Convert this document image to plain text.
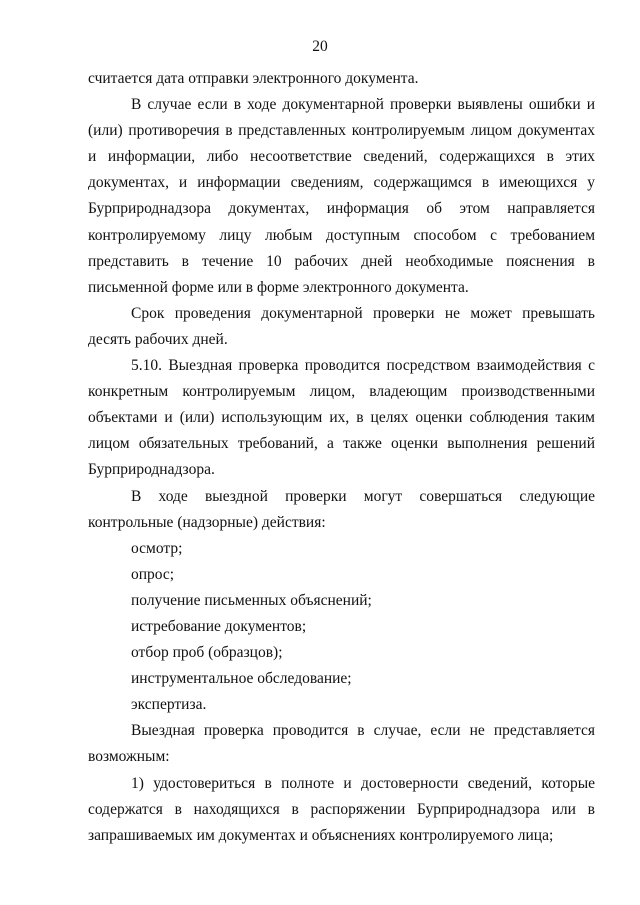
20

считается дата отправки электронного документа.

В случае если в ходе документарной проверки выявлены ошибки и (или) противоречия в представленных контролируемым лицом документах и информации, либо несоответствие сведений, содержащихся в этих документах, и информации сведениям, содержащимся в имеющихся у Бурприроднадзора документах, информация об этом направляется контролируемому лицу любым доступным способом с требованием представить в течение 10 рабочих дней необходимые пояснения в письменной форме или в форме электронного документа.

Срок проведения документарной проверки не может превышать десять рабочих дней.

5.10. Выездная проверка проводится посредством взаимодействия с конкретным контролируемым лицом, владеющим производственными объектами и (или) использующим их, в целях оценки соблюдения таким лицом обязательных требований, а также оценки выполнения решений Бурприроднадзора.

В ходе выездной проверки могут совершаться следующие контрольные (надзорные) действия:

осмотр;

опрос;

получение письменных объяснений;

истребование документов;

отбор проб (образцов);

инструментальное обследование;

экспертиза.

Выездная проверка проводится в случае, если не представляется возможным:

1) удостовериться в полноте и достоверности сведений, которые содержатся в находящихся в распоряжении Бурприроднадзора или в запрашиваемых им документах и объяснениях контролируемого лица;
